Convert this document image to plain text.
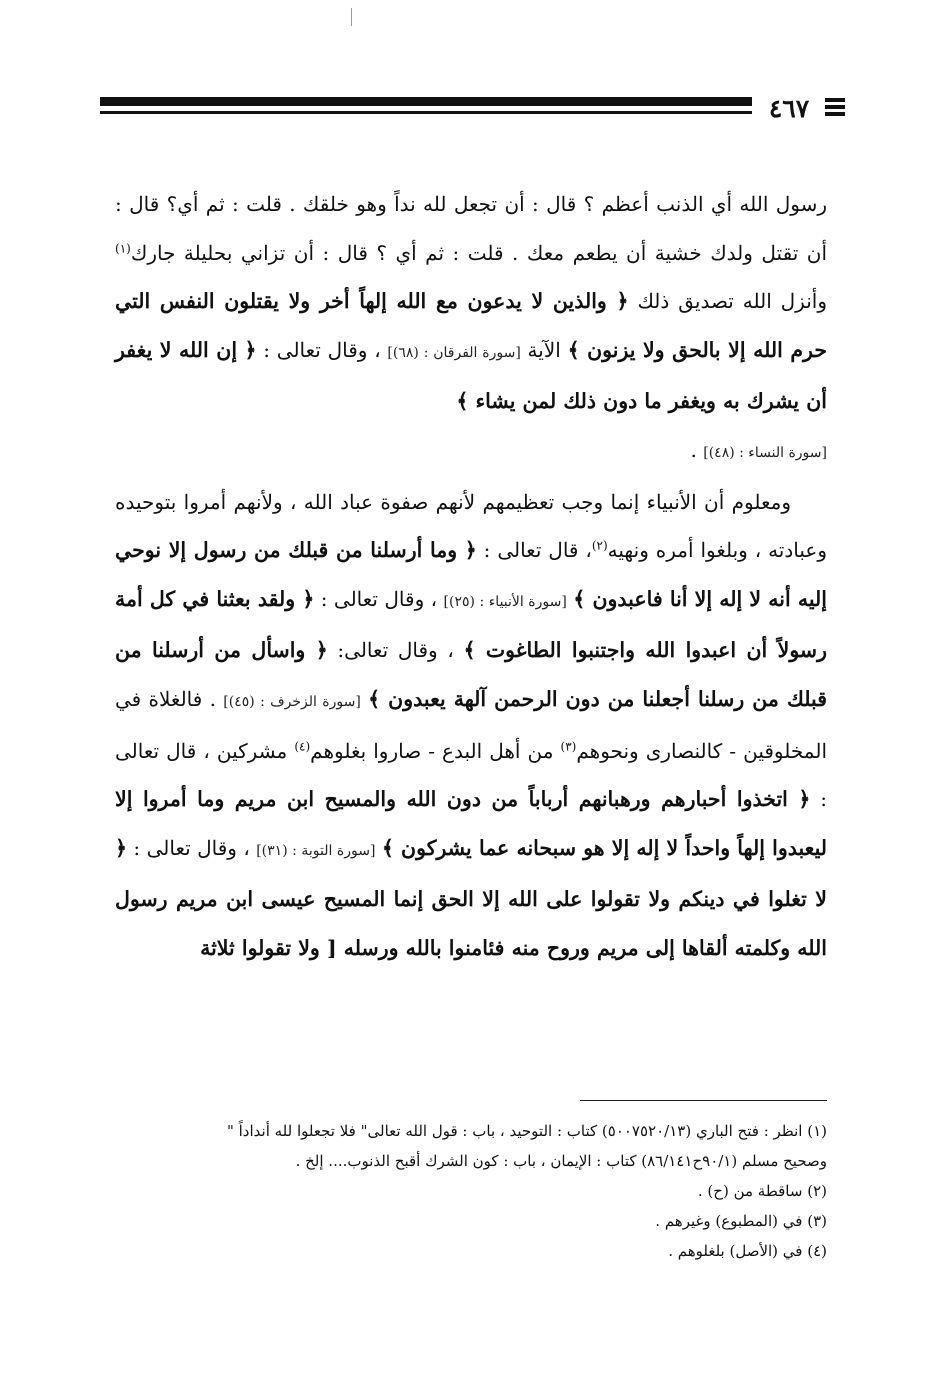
٤٦٧

رسول الله أي الذنب أعظم ؟ قال : أن تجعل لله نداً وهو خلقك . قلت : ثم أي؟ قال : أن تقتل ولدك خشية أن يطعم معك . قلت : ثم أي ؟ قال : أن تزاني بحليلة جارك$^{(١)}$ وأنزل الله تصديق ذلك ﴿ والذين لا يدعون مع الله إلهاً أخر ولا يقتلون النفس التي حرم الله إلا بالحق ولا يزنون ﴾ الآية [سورة الفرقان : (٦٨)] ، وقال تعالى : ﴿ إن الله لا يغفر أن يشرك به ويغفر ما دون ذلك لمن يشاء ﴾
[سورة النساء : (٤٨)] .

ومعلوم أن الأنبياء إنما وجب تعظيمهم لأنهم صفوة عباد الله ، ولأنهم أمروا بتوحيده وعبادته ، وبلغوا أمره ونهيه$^{(٢)}$، قال تعالى : ﴿ وما أرسلنا من قبلك من رسول إلا نوحي إليه أنه لا إله إلا أنا فاعبدون ﴾ [سورة الأنبياء : (٢٥)] ، وقال تعالى : ﴿ ولقد بعثنا في كل أمة رسولاً أن اعبدوا الله واجتنبوا الطاغوت ﴾ ، وقال تعالى: ﴿ واسأل من أرسلنا من قبلك من رسلنا أجعلنا من دون الرحمن آلهة يعبدون ﴾ [سورة الزخرف : (٤٥)] . فالغلاة في المخلوقين - كالنصارى ونحوهم$^{(٣)}$ من أهل البدع - صاروا بغلوهم$^{(٤)}$ مشركين ، قال تعالى : ﴿ اتخذوا أحبارهم ورهبانهم أرباباً من دون الله والمسيح ابن مريم وما أمروا إلا ليعبدوا إلهاً واحداً لا إله إلا هو سبحانه عما يشركون ﴾ [سورة التوبة : (٣١)] ، وقال تعالى : ﴿ لا تغلوا في دينكم ولا تقولوا على الله إلا الحق إنما المسيح عيسى ابن مريم رسول الله وكلمته ألقاها إلى مريم وروح منه فئامنوا بالله ورسله [ ولا تقولوا ثلاثة

(١) انظر : فتح الباري (٥٠٠٧٥٢٠/١٣) كتاب : التوحيد ، باب : قول الله تعالى" فلا تجعلوا لله أنداداً "
وصحيح مسلم (٩٠/١ح٨٦/١٤١) كتاب : الإيمان ، باب : كون الشرك أقبح الذنوب.... إلخ .
(٢) ساقطة من (ح) .
(٣) في (المطبوع) وغيرهم .
(٤) في (الأصل) بلغلوهم .
